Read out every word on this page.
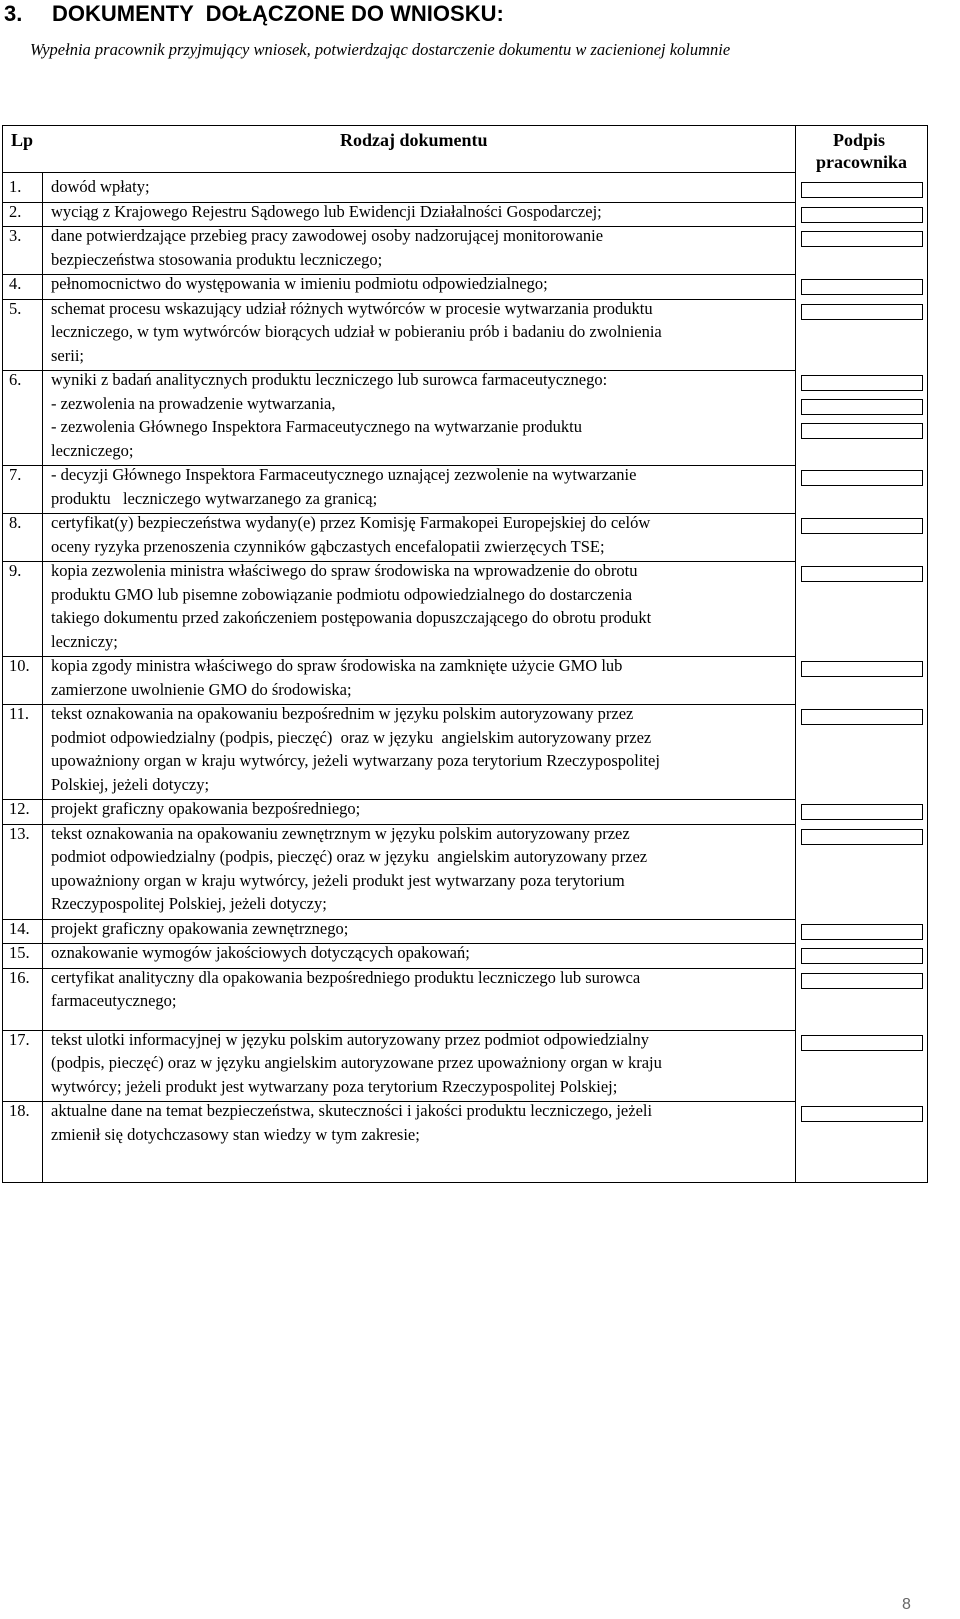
3. DOKUMENTY  DOŁĄCZONE DO WNIOSKU:
Wypełnia pracownik przyjmujący wniosek, potwierdzając dostarczenie dokumentu w zacienionej kolumnie
Lp	Rodzaj dokumentu	Podpis
pracownika
1. dowód wpłaty;
2. wyciąg z Krajowego Rejestru Sądowego lub Ewidencji Działalności Gospodarczej;
3. dane potwierdzające przebieg pracy zawodowej osoby nadzorującej monitorowanie
bezpieczeństwa stosowania produktu leczniczego;
4. pełnomocnictwo do występowania w imieniu podmiotu odpowiedzialnego;
5. schemat procesu wskazujący udział różnych wytwórców w procesie wytwarzania produktu
leczniczego, w tym wytwórców biorących udział w pobieraniu prób i badaniu do zwolnienia
serii;
6. wyniki z badań analitycznych produktu leczniczego lub surowca farmaceutycznego:
- zezwolenia na prowadzenie wytwarzania,
- zezwolenia Głównego Inspektora Farmaceutycznego na wytwarzanie produktu
leczniczego;
7. - decyzji Głównego Inspektora Farmaceutycznego uznającej zezwolenie na wytwarzanie
produktu   leczniczego wytwarzanego za granicą;
8. certyfikat(y) bezpieczeństwa wydany(e) przez Komisję Farmakopei Europejskiej do celów
oceny ryzyka przenoszenia czynników gąbczastych encefalopatii zwierzęcych TSE;
9. kopia zezwolenia ministra właściwego do spraw środowiska na wprowadzenie do obrotu
produktu GMO lub pisemne zobowiązanie podmiotu odpowiedzialnego do dostarczenia
takiego dokumentu przed zakończeniem postępowania dopuszczającego do obrotu produkt
leczniczy;
10. kopia zgody ministra właściwego do spraw środowiska na zamknięte użycie GMO lub
zamierzone uwolnienie GMO do środowiska;
11. tekst oznakowania na opakowaniu bezpośrednim w języku polskim autoryzowany przez
podmiot odpowiedzialny (podpis, pieczęć)  oraz w języku  angielskim autoryzowany przez
upoważniony organ w kraju wytwórcy, jeżeli wytwarzany poza terytorium Rzeczypospolitej
Polskiej, jeżeli dotyczy;
12. projekt graficzny opakowania bezpośredniego;
13. tekst oznakowania na opakowaniu zewnętrznym w języku polskim autoryzowany przez
podmiot odpowiedzialny (podpis, pieczęć) oraz w języku  angielskim autoryzowany przez
upoważniony organ w kraju wytwórcy, jeżeli produkt jest wytwarzany poza terytorium
Rzeczypospolitej Polskiej, jeżeli dotyczy;
14. projekt graficzny opakowania zewnętrznego;
15. oznakowanie wymogów jakościowych dotyczących opakowań;
16. certyfikat analityczny dla opakowania bezpośredniego produktu leczniczego lub surowca
farmaceutycznego;
17. tekst ulotki informacyjnej w języku polskim autoryzowany przez podmiot odpowiedzialny
(podpis, pieczęć) oraz w języku angielskim autoryzowane przez upoważniony organ w kraju
wytwórcy; jeżeli produkt jest wytwarzany poza terytorium Rzeczypospolitej Polskiej;
18. aktualne dane na temat bezpieczeństwa, skuteczności i jakości produktu leczniczego, jeżeli
zmienił się dotychczasowy stan wiedzy w tym zakresie;
8
